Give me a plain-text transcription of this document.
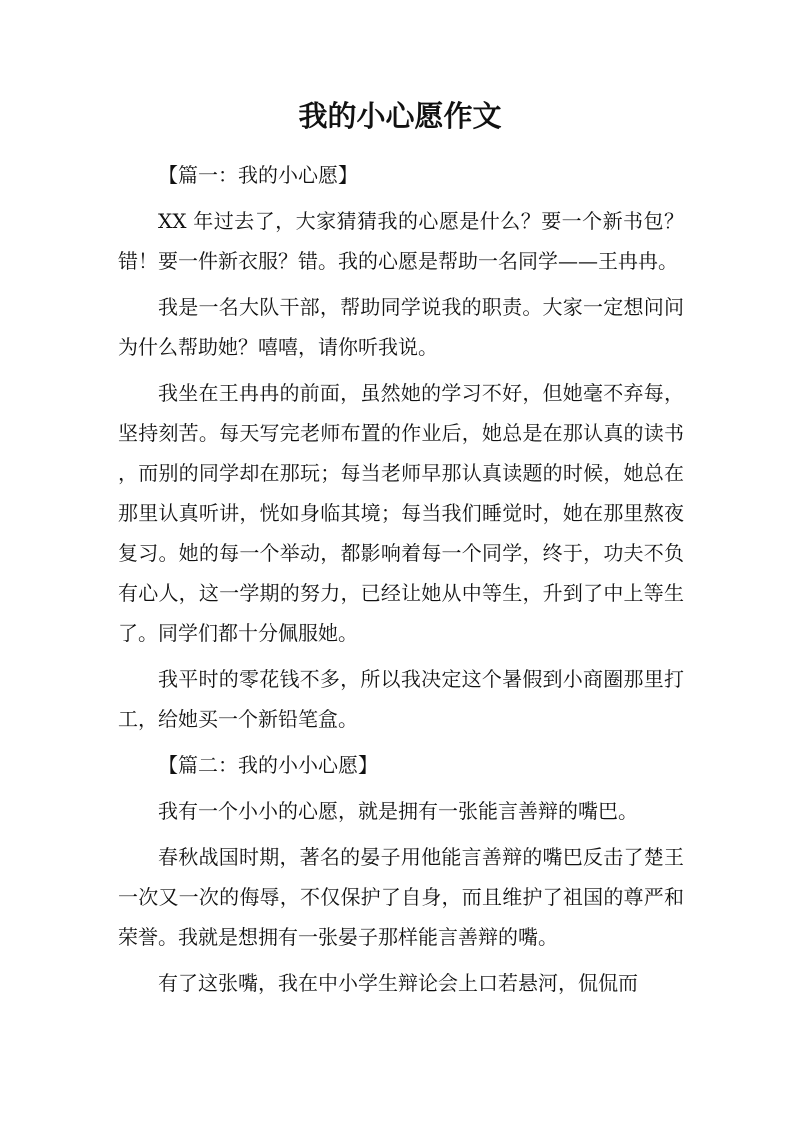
我的小心愿作文

【篇一：我的小心愿】

XX 年过去了，大家猜猜我的心愿是什么？要一个新书包？错！要一件新衣服？错。我的心愿是帮助一名同学——王冉冉。

我是一名大队干部，帮助同学说我的职责。大家一定想问问为什么帮助她？嘻嘻，请你听我说。

我坐在王冉冉的前面，虽然她的学习不好，但她毫不弃每，坚持刻苦。每天写完老师布置的作业后，她总是在那认真的读书，而别的同学却在那玩；每当老师早那认真读题的时候，她总在那里认真听讲，恍如身临其境；每当我们睡觉时，她在那里熬夜复习。她的每一个举动，都影响着每一个同学，终于，功夫不负有心人，这一学期的努力，已经让她从中等生，升到了中上等生了。同学们都十分佩服她。

我平时的零花钱不多，所以我决定这个暑假到小商圈那里打工，给她买一个新铅笔盒。

【篇二：我的小小心愿】

我有一个小小的心愿，就是拥有一张能言善辩的嘴巴。

春秋战国时期，著名的晏子用他能言善辩的嘴巴反击了楚王一次又一次的侮辱，不仅保护了自身，而且维护了祖国的尊严和荣誉。我就是想拥有一张晏子那样能言善辩的嘴。

有了这张嘴，我在中小学生辩论会上口若悬河，侃侃而
